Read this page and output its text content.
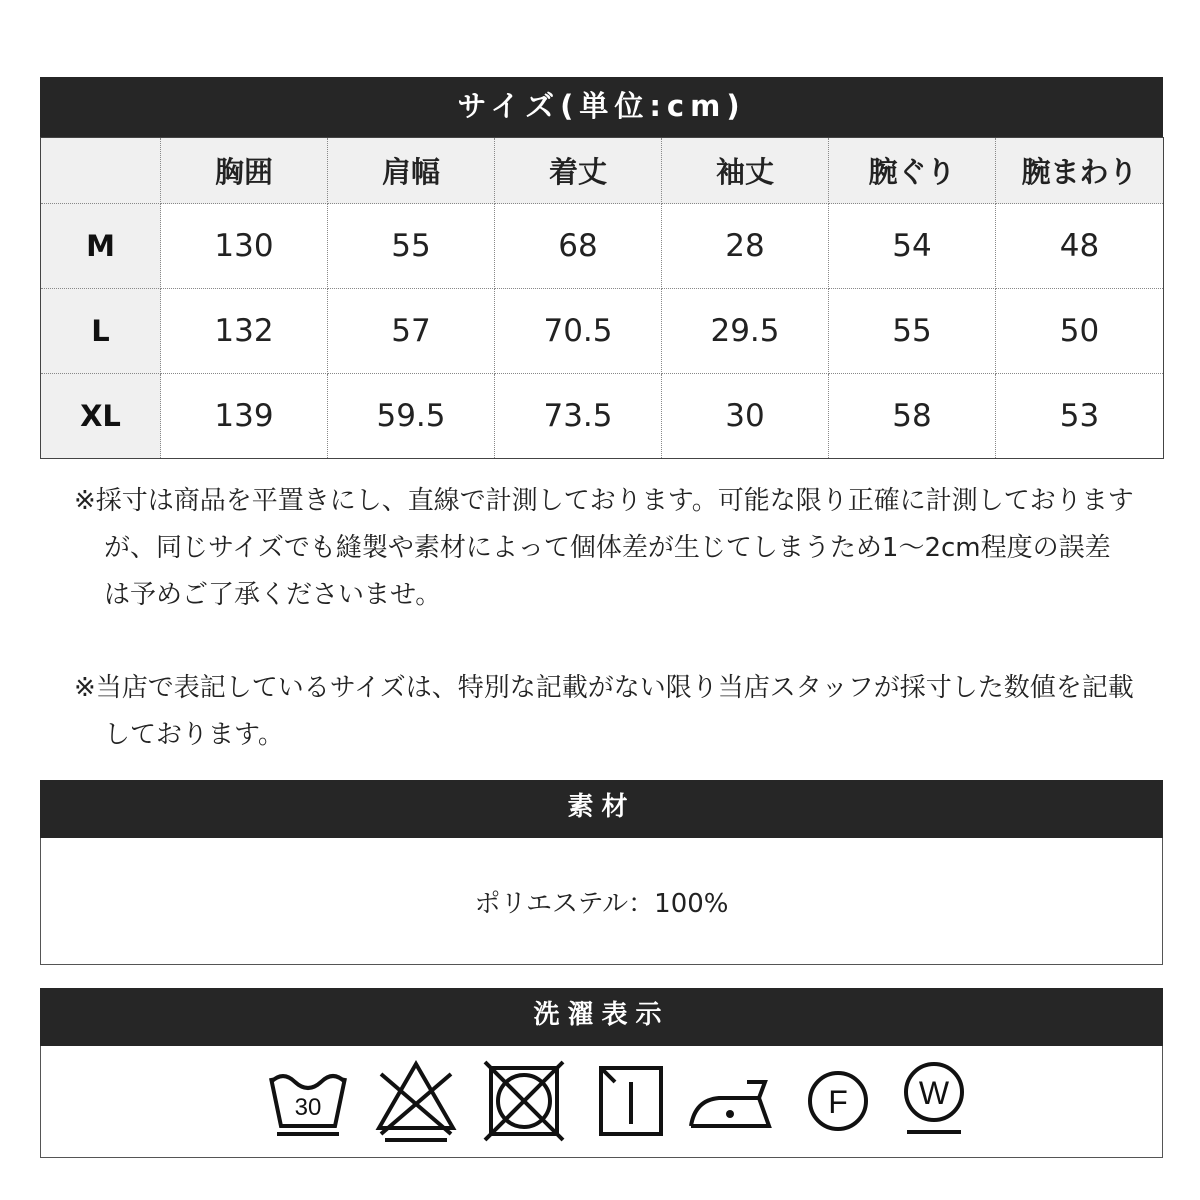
サイズ(単位:cm)
	胸囲	肩幅	着丈	袖丈	腕ぐり	腕まわり
M	130	55	68	28	54	48
L	132	57	70.5	29.5	55	50
XL	139	59.5	73.5	30	58	53
※採寸は商品を平置きにし、直線で計測しております。可能な限り正確に計測しておりますが、同じサイズでも縫製や素材によって個体差が生じてしまうため1～2cm程度の誤差は予めご了承くださいませ。
※当店で表記しているサイズは、特別な記載がない限り当店スタッフが採寸した数値を記載しております。
素材
ポリエステル：100%
洗濯表示
30	F W
